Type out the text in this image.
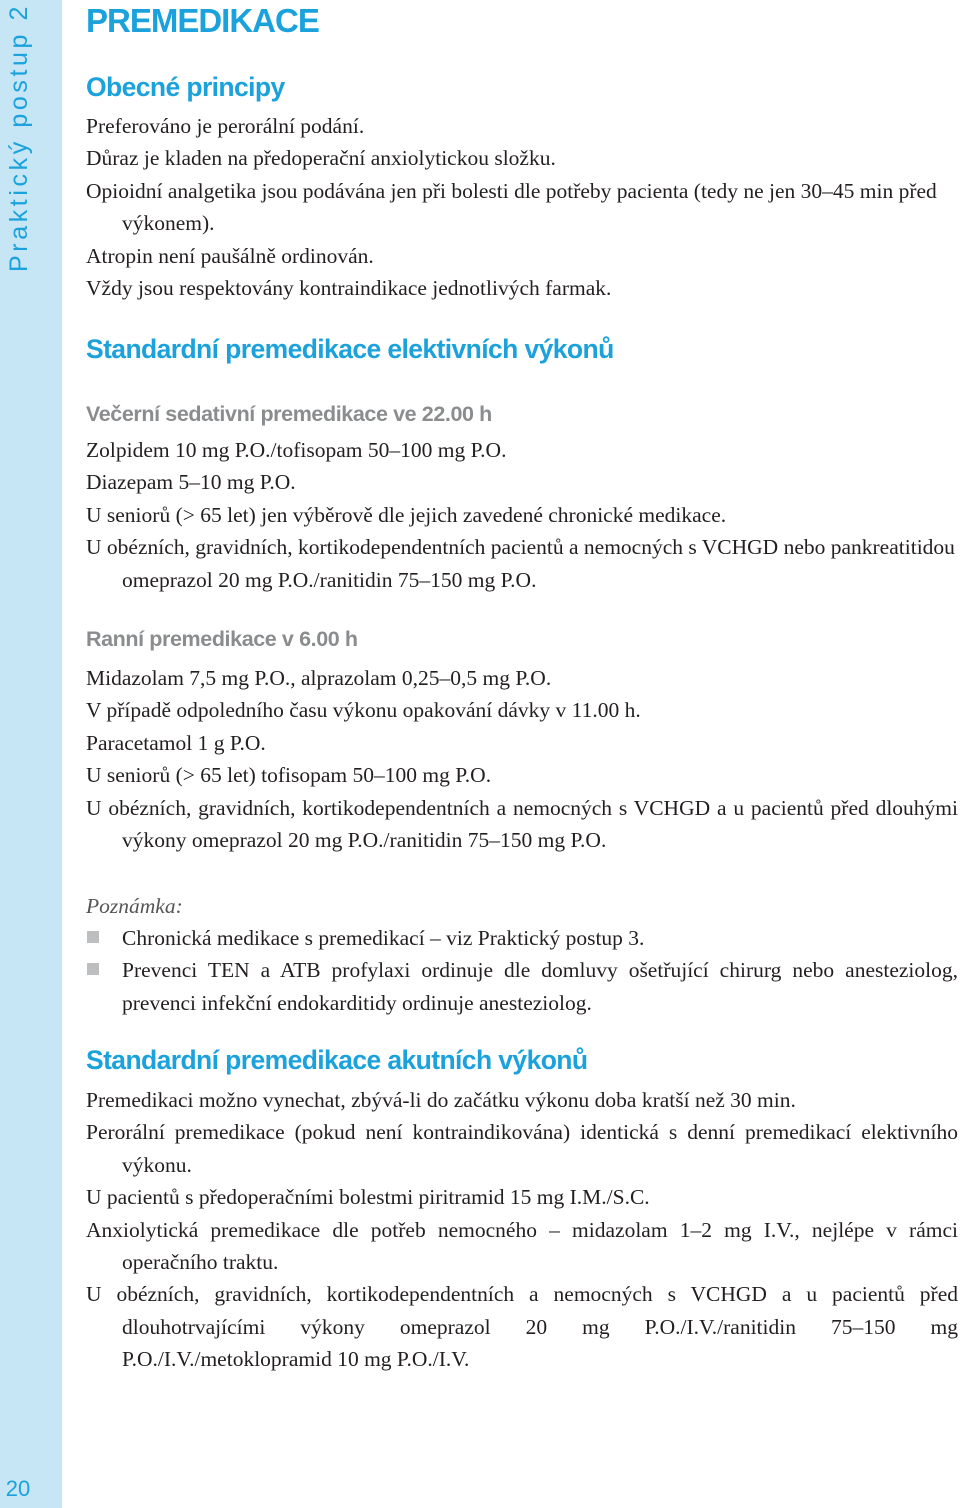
Praktický postup 2
20
PREMEDIKACE
Obecné principy
Preferováno je perorální podání.
Důraz je kladen na předoperační anxiolytickou složku.
Opioidní analgetika jsou podávána jen při bolesti dle potřeby pacienta (tedy ne jen 30‒45 min před výkonem).
Atropin není paušálně ordinován.
Vždy jsou respektovány kontraindikace jednotlivých farmak.
Standardní premedikace elektivních výkonů
Večerní sedativní premedikace ve 22.00 h
Zolpidem 10 mg P.O./tofisopam 50‒100 mg P.O.
Diazepam 5‒10 mg P.O.
U seniorů (> 65 let) jen výběrově dle jejich zavedené chronické medikace.
U obézních, gravidních, kortikodependentních pacientů a nemocných s VCHGD nebo pankreatitidou omeprazol 20 mg P.O./ranitidin 75‒150 mg P.O.
Ranní premedikace v 6.00 h
Midazolam 7,5 mg P.O., alprazolam 0,25‒0,5 mg P.O.
V případě odpoledního času výkonu opakování dávky v 11.00 h.
Paracetamol 1 g P.O.
U seniorů (> 65 let) tofisopam 50‒100 mg P.O.
U obézních, gravidních, kortikodependentních a nemocných s VCHGD a u pacientů před dlouhými výkony omeprazol 20 mg P.O./ranitidin 75‒150 mg P.O.

Poznámka:

Chronická medikace s premedikací ‒ viz Praktický postup 3.
Prevenci TEN a ATB profylaxi ordinuje dle domluvy ošetřující chirurg nebo anesteziolog, prevenci infekční endokarditidy ordinuje anesteziolog.
Standardní premedikace akutních výkonů
Premedikaci možno vynechat, zbývá-li do začátku výkonu doba kratší než 30 min.
Perorální premedikace (pokud není kontraindikována) identická s denní premedikací elektivního výkonu.
U pacientů s předoperačními bolestmi piritramid 15 mg I.M./S.C.
Anxiolytická premedikace dle potřeb nemocného ‒ midazolam 1‒2 mg I.V., nejlépe v rámci operačního traktu.
U obézních, gravidních, kortikodependentních a nemocných s VCHGD a u pacientů před dlouhotrvajícími výkony omeprazol 20 mg P.O./I.V./ranitidin 75‒150 mg P.O./I.V./metoklopramid 10 mg P.O./I.V.
